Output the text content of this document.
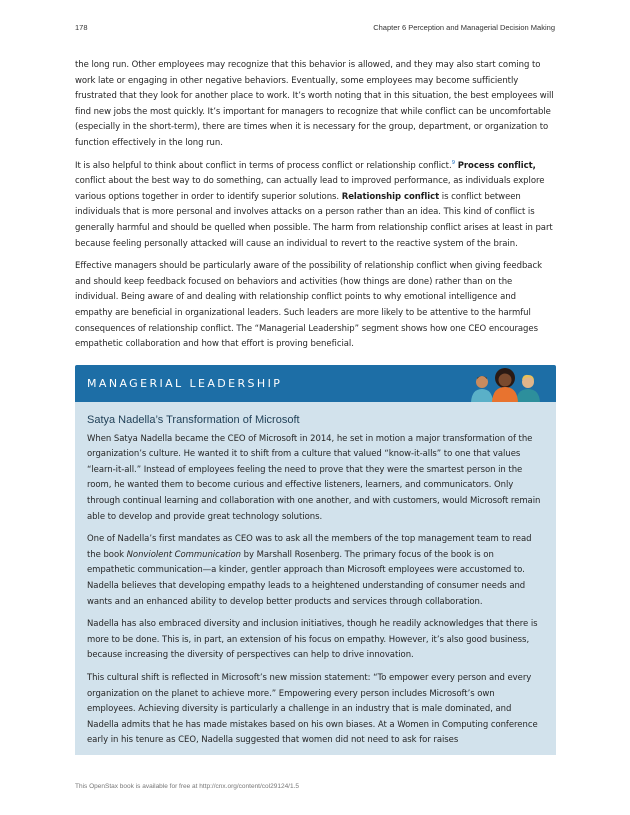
178	Chapter 6 Perception and Managerial Decision Making

the long run. Other employees may recognize that this behavior is allowed, and they may also start coming to work late or engaging in other negative behaviors. Eventually, some employees may become sufficiently frustrated that they look for another place to work. It’s worth noting that in this situation, the best employees will find new jobs the most quickly. It’s important for managers to recognize that while conflict can be uncomfortable (especially in the short-term), there are times when it is necessary for the group, department, or organization to function effectively in the long run.

It is also helpful to think about conflict in terms of process conflict or relationship conflict.$^9$ Process conflict, conflict about the best way to do something, can actually lead to improved performance, as individuals explore various options together in order to identify superior solutions. Relationship conflict is conflict between individuals that is more personal and involves attacks on a person rather than an idea. This kind of conflict is generally harmful and should be quelled when possible. The harm from relationship conflict arises at least in part because feeling personally attacked will cause an individual to revert to the reactive system of the brain.

Effective managers should be particularly aware of the possibility of relationship conflict when giving feedback and should keep feedback focused on behaviors and activities (how things are done) rather than on the individual. Being aware of and dealing with relationship conflict points to why emotional intelligence and empathy are beneficial in organizational leaders. Such leaders are more likely to be attentive to the harmful consequences of relationship conflict. The “Managerial Leadership” segment shows how one CEO encourages empathetic collaboration and how that effort is proving beneficial.

MANAGERIAL LEADERSHIP
Satya Nadella’s Transformation of Microsoft

When Satya Nadella became the CEO of Microsoft in 2014, he set in motion a major transformation of the organization’s culture. He wanted it to shift from a culture that valued “know-it-alls” to one that values “learn-it-all.” Instead of employees feeling the need to prove that they were the smartest person in the room, he wanted them to become curious and effective listeners, learners, and communicators. Only through continual learning and collaboration with one another, and with customers, would Microsoft remain able to develop and provide great technology solutions.

One of Nadella’s first mandates as CEO was to ask all the members of the top management team to read the book Nonviolent Communication by Marshall Rosenberg. The primary focus of the book is on empathetic communication—a kinder, gentler approach than Microsoft employees were accustomed to. Nadella believes that developing empathy leads to a heightened understanding of consumer needs and wants and an enhanced ability to develop better products and services through collaboration.

Nadella has also embraced diversity and inclusion initiatives, though he readily acknowledges that there is more to be done. This is, in part, an extension of his focus on empathy. However, it’s also good business, because increasing the diversity of perspectives can help to drive innovation.

This cultural shift is reflected in Microsoft’s new mission statement: “To empower every person and every organization on the planet to achieve more.” Empowering every person includes Microsoft’s own employees. Achieving diversity is particularly a challenge in an industry that is male dominated, and Nadella admits that he has made mistakes based on his own biases. At a Women in Computing conference early in his tenure as CEO, Nadella suggested that women did not need to ask for raises

This OpenStax book is available for free at http://cnx.org/content/col29124/1.5
